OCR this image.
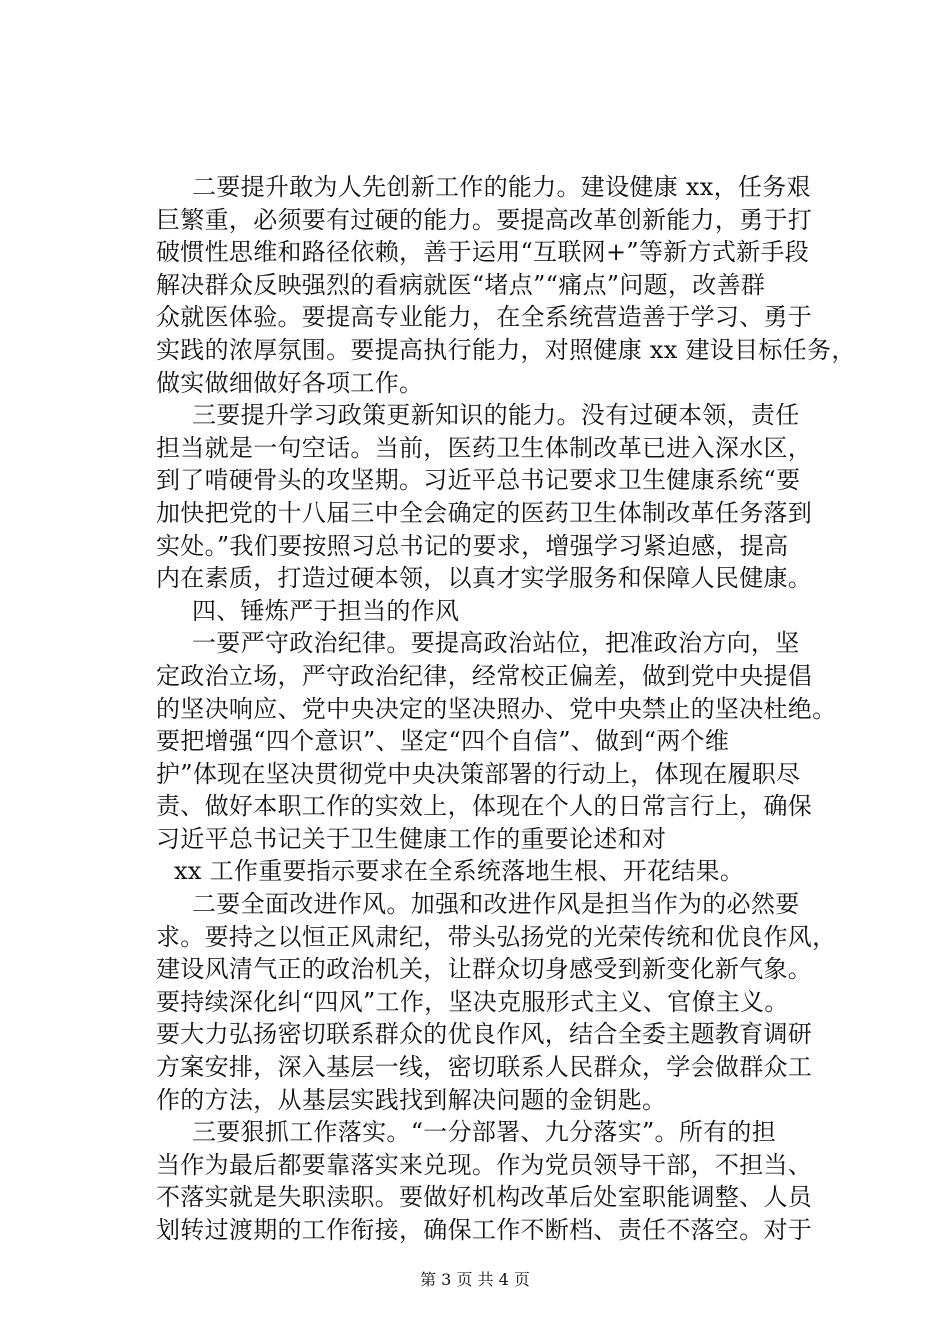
二要提升敢为人先创新工作的能力。建设健康 xx，任务艰
巨繁重，必须要有过硬的能力。要提高改革创新能力，勇于打
破惯性思维和路径依赖，善于运用“互联网+”等新方式新手段
解决群众反映强烈的看病就医“堵点”“痛点”问题，改善群
众就医体验。要提高专业能力，在全系统营造善于学习、勇于
实践的浓厚氛围。要提高执行能力，对照健康 xx 建设目标任务，
做实做细做好各项工作。
三要提升学习政策更新知识的能力。没有过硬本领，责任
担当就是一句空话。当前，医药卫生体制改革已进入深水区，
到了啃硬骨头的攻坚期。习近平总书记要求卫生健康系统“要
加快把党的十八届三中全会确定的医药卫生体制改革任务落到
实处。”我们要按照习总书记的要求，增强学习紧迫感，提高
内在素质，打造过硬本领，以真才实学服务和保障人民健康。
四、锤炼严于担当的作风
一要严守政治纪律。要提高政治站位，把准政治方向，坚
定政治立场，严守政治纪律，经常校正偏差，做到党中央提倡
的坚决响应、党中央决定的坚决照办、党中央禁止的坚决杜绝。
要把增强“四个意识”、坚定“四个自信”、做到“两个维
护”体现在坚决贯彻党中央决策部署的行动上，体现在履职尽
责、做好本职工作的实效上，体现在个人的日常言行上，确保
习近平总书记关于卫生健康工作的重要论述和对
xx 工作重要指示要求在全系统落地生根、开花结果。
二要全面改进作风。加强和改进作风是担当作为的必然要
求。要持之以恒正风肃纪，带头弘扬党的光荣传统和优良作风，
建设风清气正的政治机关，让群众切身感受到新变化新气象。
要持续深化纠“四风”工作，坚决克服形式主义、官僚主义。
要大力弘扬密切联系群众的优良作风，结合全委主题教育调研
方案安排，深入基层一线，密切联系人民群众，学会做群众工
作的方法，从基层实践找到解决问题的金钥匙。
三要狠抓工作落实。“一分部署、九分落实”。所有的担
当作为最后都要靠落实来兑现。作为党员领导干部，不担当、
不落实就是失职渎职。要做好机构改革后处室职能调整、人员
划转过渡期的工作衔接，确保工作不断档、责任不落空。对于
第 3 页 共 4 页
